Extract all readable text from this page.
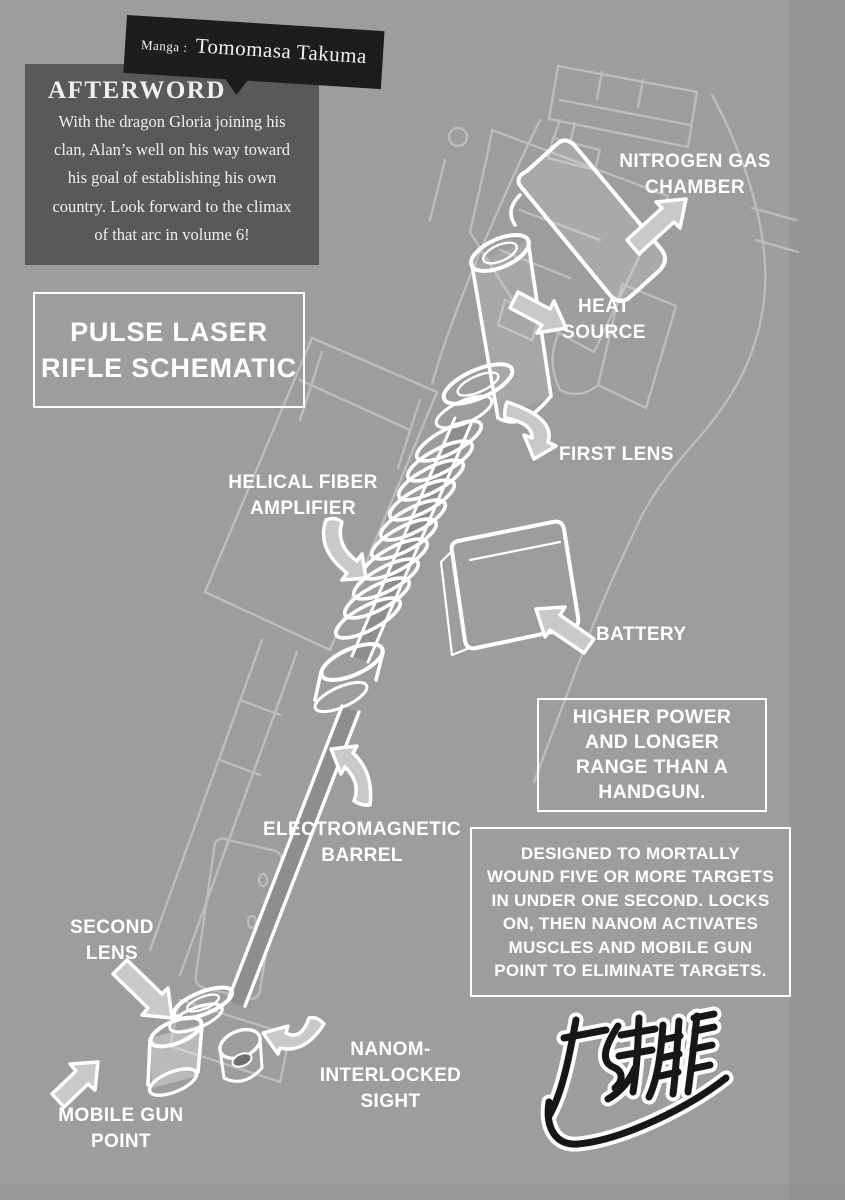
AFTERWORD
With the dragon Gloria joining his
clan, Alan’s well on his way toward
his goal of establishing his own
country. Look forward to the climax
of that arc in volume 6!
Manga : Tomomasa Takuma
PULSE LASER
RIFLE SCHEMATIC
NITROGEN GAS
CHAMBER
HEAT
SOURCE
FIRST LENS
HELICAL FIBER
AMPLIFIER
BATTERY
ELECTROMAGNETIC
BARREL
SECOND
LENS
NANOM-
INTERLOCKED
SIGHT
MOBILE GUN
POINT
HIGHER POWER
AND LONGER
RANGE THAN A
HANDGUN.
DESIGNED TO MORTALLY
WOUND FIVE OR MORE TARGETS
IN UNDER ONE SECOND. LOCKS
ON, THEN NANOM ACTIVATES
MUSCLES AND MOBILE GUN
POINT TO ELIMINATE TARGETS.
